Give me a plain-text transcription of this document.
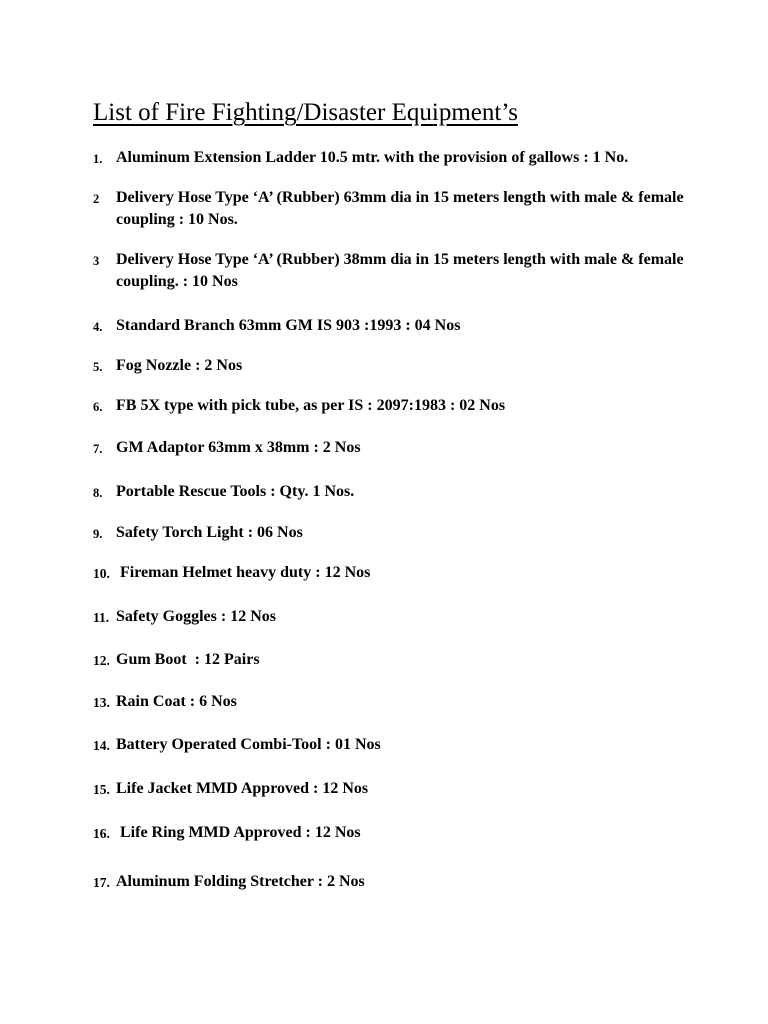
List of Fire Fighting/Disaster Equipment’s
1. Aluminum Extension Ladder 10.5 mtr. with the provision of gallows : 1 No.
2 Delivery Hose Type ‘A’ (Rubber) 63mm dia in 15 meters length with male & female coupling : 10 Nos.
3 Delivery Hose Type ‘A’ (Rubber) 38mm dia in 15 meters length with male & female coupling. : 10 Nos
4. Standard Branch 63mm GM IS 903 :1993 : 04 Nos
5. Fog Nozzle : 2 Nos
6. FB 5X type with pick tube, as per IS : 2097:1983 : 02 Nos
7. GM Adaptor 63mm x 38mm : 2 Nos
8. Portable Rescue Tools : Qty. 1 Nos.
9. Safety Torch Light : 06 Nos
10. Fireman Helmet heavy duty : 12 Nos
11. Safety Goggles : 12 Nos
12. Gum Boot  : 12 Pairs
13. Rain Coat : 6 Nos
14. Battery Operated Combi-Tool : 01 Nos
15. Life Jacket MMD Approved : 12 Nos
16. Life Ring MMD Approved : 12 Nos
17. Aluminum Folding Stretcher : 2 Nos
